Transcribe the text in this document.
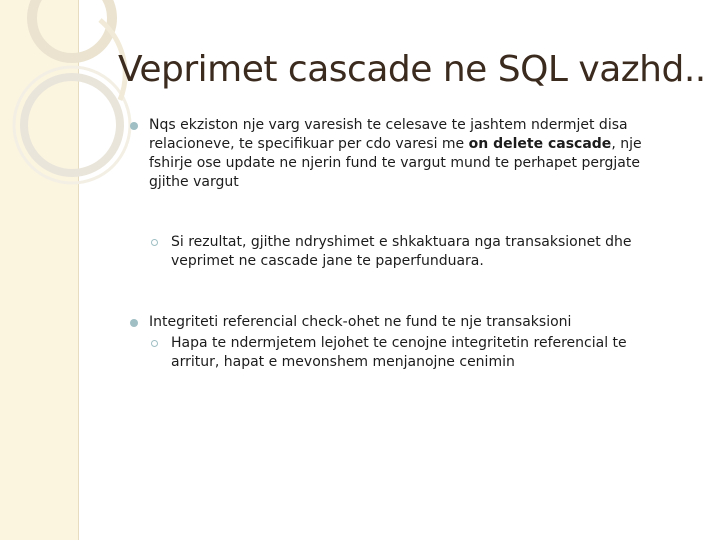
Veprimet cascade ne SQL vazhd..
Nqs ekziston nje varg varesish te celesave te jashtem ndermjet disa relacioneve, te specifikuar per cdo varesi me on delete cascade, nje fshirje ose update ne njerin fund te vargut mund te perhapet pergjate gjithe vargut
Si rezultat, gjithe ndryshimet e shkaktuara nga transaksionet dhe veprimet ne cascade jane te paperfunduara.
Integriteti referencial check-ohet ne fund te nje transaksioni
Hapa te ndermjetem lejohet te cenojne integritetin referencial te arritur, hapat e mevonshem menjanojne cenimin
